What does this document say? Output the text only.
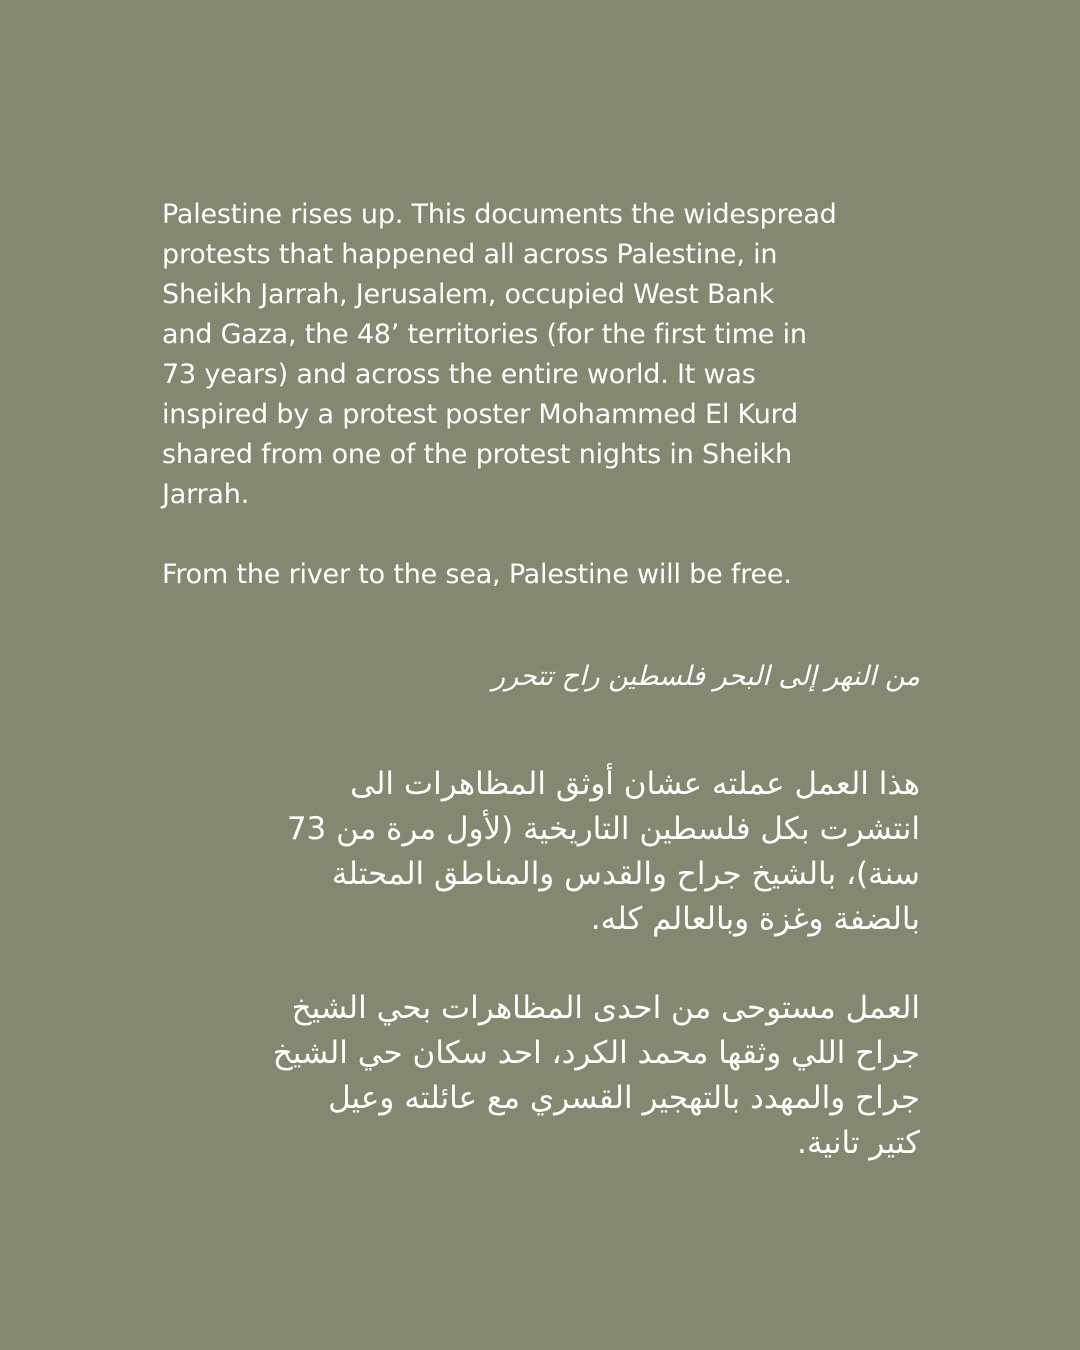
Palestine rises up. This documents the widespread

protests that happened all across Palestine, in

Sheikh Jarrah, Jerusalem, occupied West Bank

and Gaza, the 48’ territories (for the first time in

73 years) and across the entire world. It was

inspired by a protest poster Mohammed El Kurd

shared from one of the protest nights in Sheikh

Jarrah.

From the river to the sea, Palestine will be free.

من النهر إلى البحر فلسطين راح تتحرر

هذا العمل عملته عشان أوثق المظاهرات الى

انتشرت بكل فلسطين التاريخية (لأول مرة من 73

سنة)، بالشيخ جراح والقدس والمناطق المحتلة

بالضفة وغزة وبالعالم كله.

العمل مستوحى من احدى المظاهرات بحي الشيخ

جراح اللي وثقها محمد الكرد، احد سكان حي الشيخ

جراح والمهدد بالتهجير القسري مع عائلته وعيل

كتير تانية.
